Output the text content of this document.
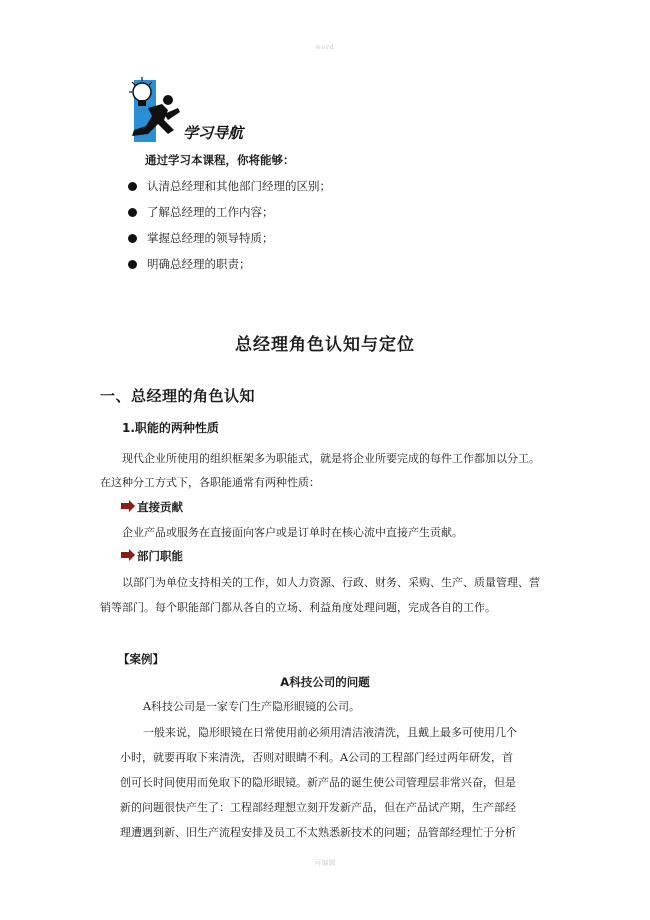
word
学习导航
通过学习本课程，你将能够：
认清总经理和其他部门经理的区别；
了解总经理的工作内容；
掌握总经理的领导特质；
明确总经理的职责；
总经理角色认知与定位
一、总经理的角色认知
1.职能的两种性质
现代企业所使用的组织框架多为职能式，就是将企业所要完成的每件工作都加以分工。
在这种分工方式下，各职能通常有两种性质：
直接贡献
企业产品或服务在直接面向客户或是订单时在核心流中直接产生贡献。
部门职能
以部门为单位支持相关的工作，如人力资源、行政、财务、采购、生产、质量管理、营
销等部门。每个职能部门都从各自的立场、利益角度处理问题，完成各自的工作。
【案例】
A科技公司的问题
A科技公司是一家专门生产隐形眼镜的公司。
一般来说，隐形眼镜在日常使用前必须用清洁液清洗，且戴上最多可使用几个
小时，就要再取下来清洗，否则对眼睛不利。A公司的工程部门经过两年研发，首
创可长时间使用而免取下的隐形眼镜。新产品的诞生使公司管理层非常兴奋，但是
新的问题很快产生了：工程部经理想立刻开发新产品，但在产品试产期，生产部经
理遭遇到新、旧生产流程安排及员工不太熟悉新技术的问题；品管部经理忙于分析
可编辑
